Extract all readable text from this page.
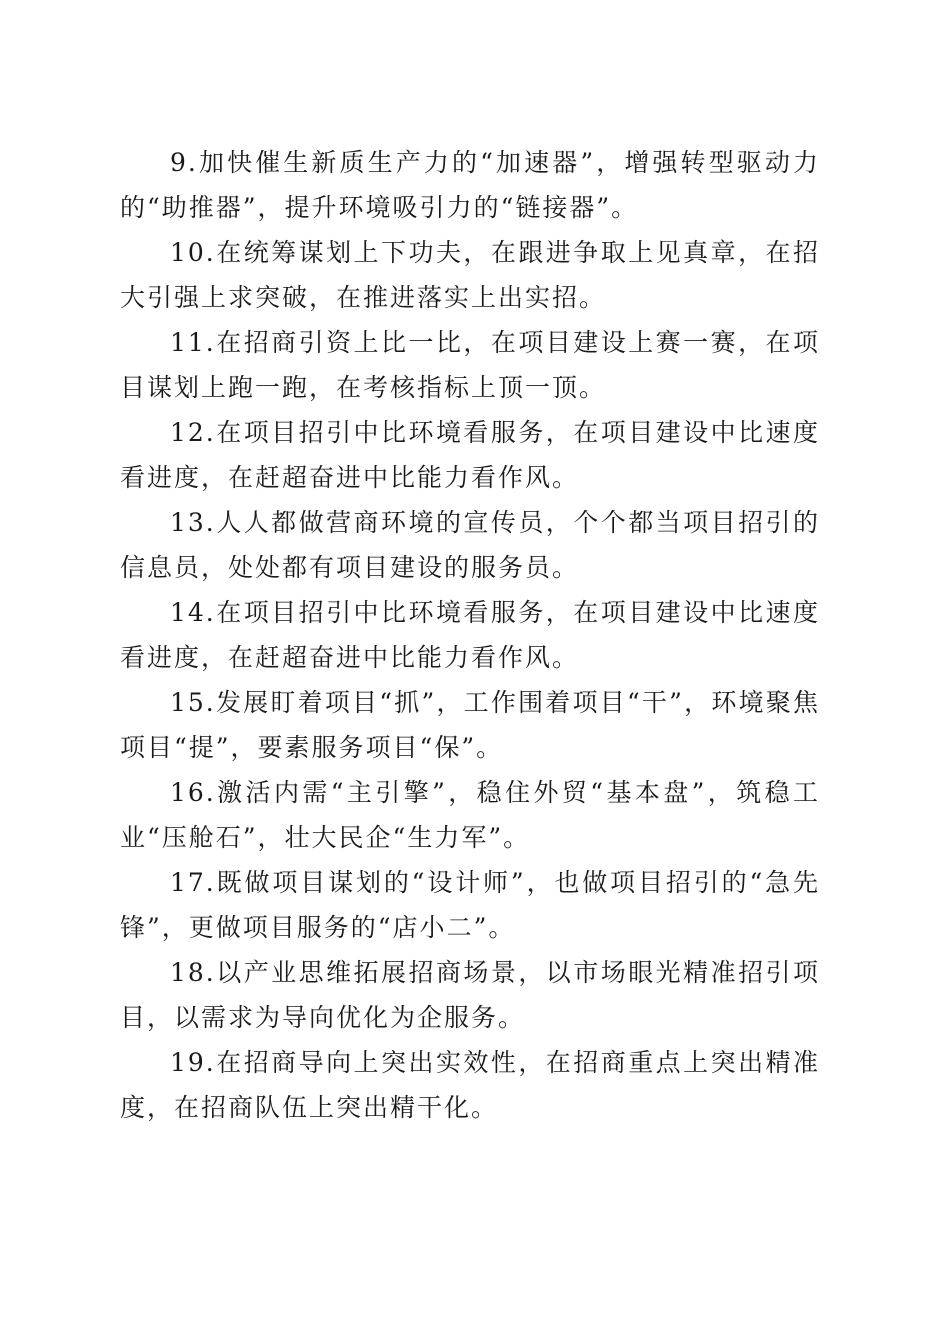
9.加快催生新质生产力的“加速器”，增强转型驱动力的“助推器”，提升环境吸引力的“链接器”。

10.在统筹谋划上下功夫，在跟进争取上见真章，在招大引强上求突破，在推进落实上出实招。

11.在招商引资上比一比，在项目建设上赛一赛，在项目谋划上跑一跑，在考核指标上顶一顶。

12.在项目招引中比环境看服务，在项目建设中比速度看进度，在赶超奋进中比能力看作风。

13.人人都做营商环境的宣传员，个个都当项目招引的信息员，处处都有项目建设的服务员。

14.在项目招引中比环境看服务，在项目建设中比速度看进度，在赶超奋进中比能力看作风。

15.发展盯着项目“抓”，工作围着项目“干”，环境聚焦项目“提”，要素服务项目“保”。

16.激活内需“主引擎”，稳住外贸“基本盘”，筑稳工业“压舱石”，壮大民企“生力军”。

17.既做项目谋划的“设计师”，也做项目招引的“急先锋”，更做项目服务的“店小二”。

18.以产业思维拓展招商场景，以市场眼光精准招引项目，以需求为导向优化为企服务。

19.在招商导向上突出实效性，在招商重点上突出精准度，在招商队伍上突出精干化。
